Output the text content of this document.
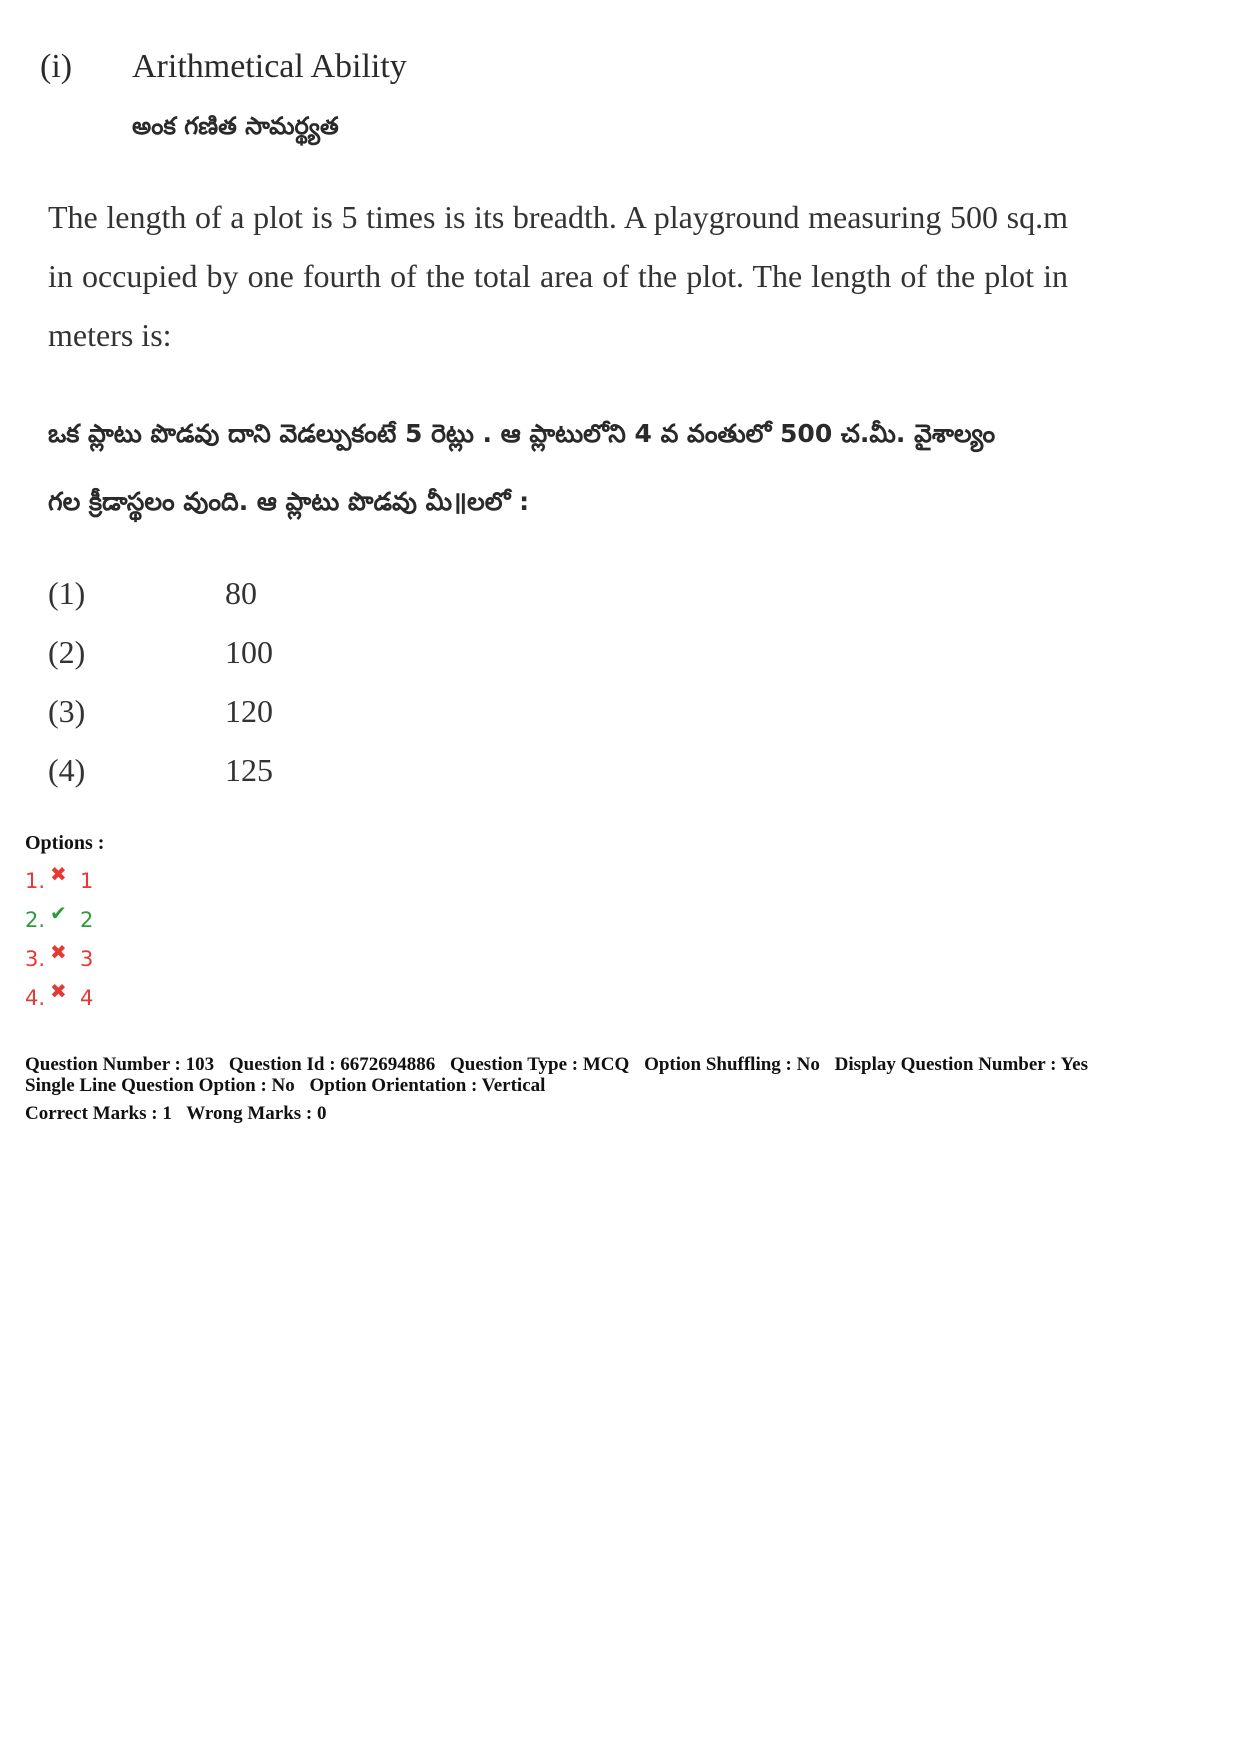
(i)	Arithmetical Ability
అంక గణిత సామర్థ్యత
The length of a plot is 5 times is its breadth. A playground measuring 500 sq.m in occupied by one fourth of the total area of the plot. The length of the plot in meters is:
ఒక ప్లాటు పొడవు దాని వెడల్పుకంటే 5 రెట్లు . ఆ ప్లాటులోని 4 వ వంతులో 500 చ.మీ. వైశాల్యం
గల క్రీడాస్థలం వుంది. ఆ ప్లాటు పొడవు మీ॥లలో :
(1)	80
(2)	100
(3)	120
(4)	125
Options :
1. ✖ 1
2. ✔ 2
3. ✖ 3
4. ✖ 4
Question Number : 103 Question Id : 6672694886 Question Type : MCQ Option Shuffling : No Display Question Number : Yes
Single Line Question Option : No Option Orientation : Vertical
Correct Marks : 1 Wrong Marks : 0
